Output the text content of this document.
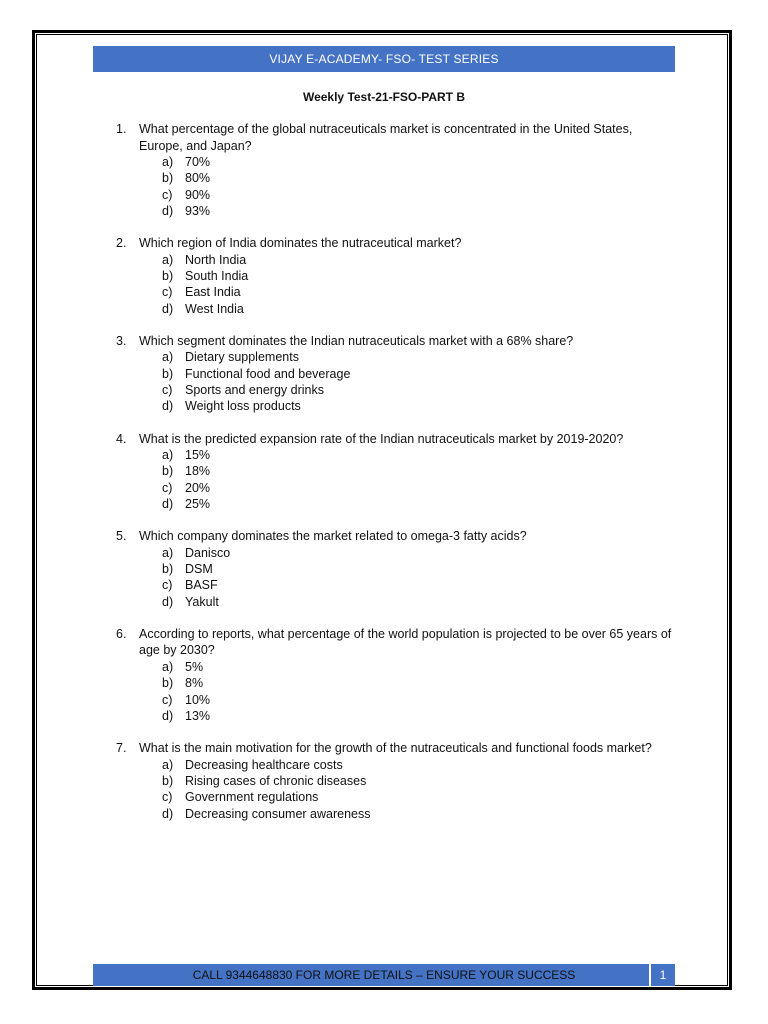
VIJAY E-ACADEMY- FSO- TEST SERIES
Weekly Test-21-FSO-PART B
1.	What percentage of the global nutraceuticals market is concentrated in the United States, Europe, and Japan?
a) 70%
b) 80%
c)	90%
d) 93%
2.	Which region of India dominates the nutraceutical market?
a) North India
b) South India
c)	East India
d) West India
3.	Which segment dominates the Indian nutraceuticals market with a 68% share?
a) Dietary supplements
b) Functional food and beverage
c)	Sports and energy drinks
d) Weight loss products
4.	What is the predicted expansion rate of the Indian nutraceuticals market by 2019-2020?
a) 15%
b) 18%
c)	20%
d) 25%
5.	Which company dominates the market related to omega-3 fatty acids?
a) Danisco
b) DSM
c)	BASF
d) Yakult
6.	According to reports, what percentage of the world population is projected to be over 65 years of age by 2030?
a) 5%
b) 8%
c)	10%
d) 13%
7.	What is the main motivation for the growth of the nutraceuticals and functional foods market?
a) Decreasing healthcare costs
b) Rising cases of chronic diseases
c)	Government regulations
d) Decreasing consumer awareness
CALL 9344648830 FOR MORE DETAILS – ENSURE YOUR SUCCESS	1
